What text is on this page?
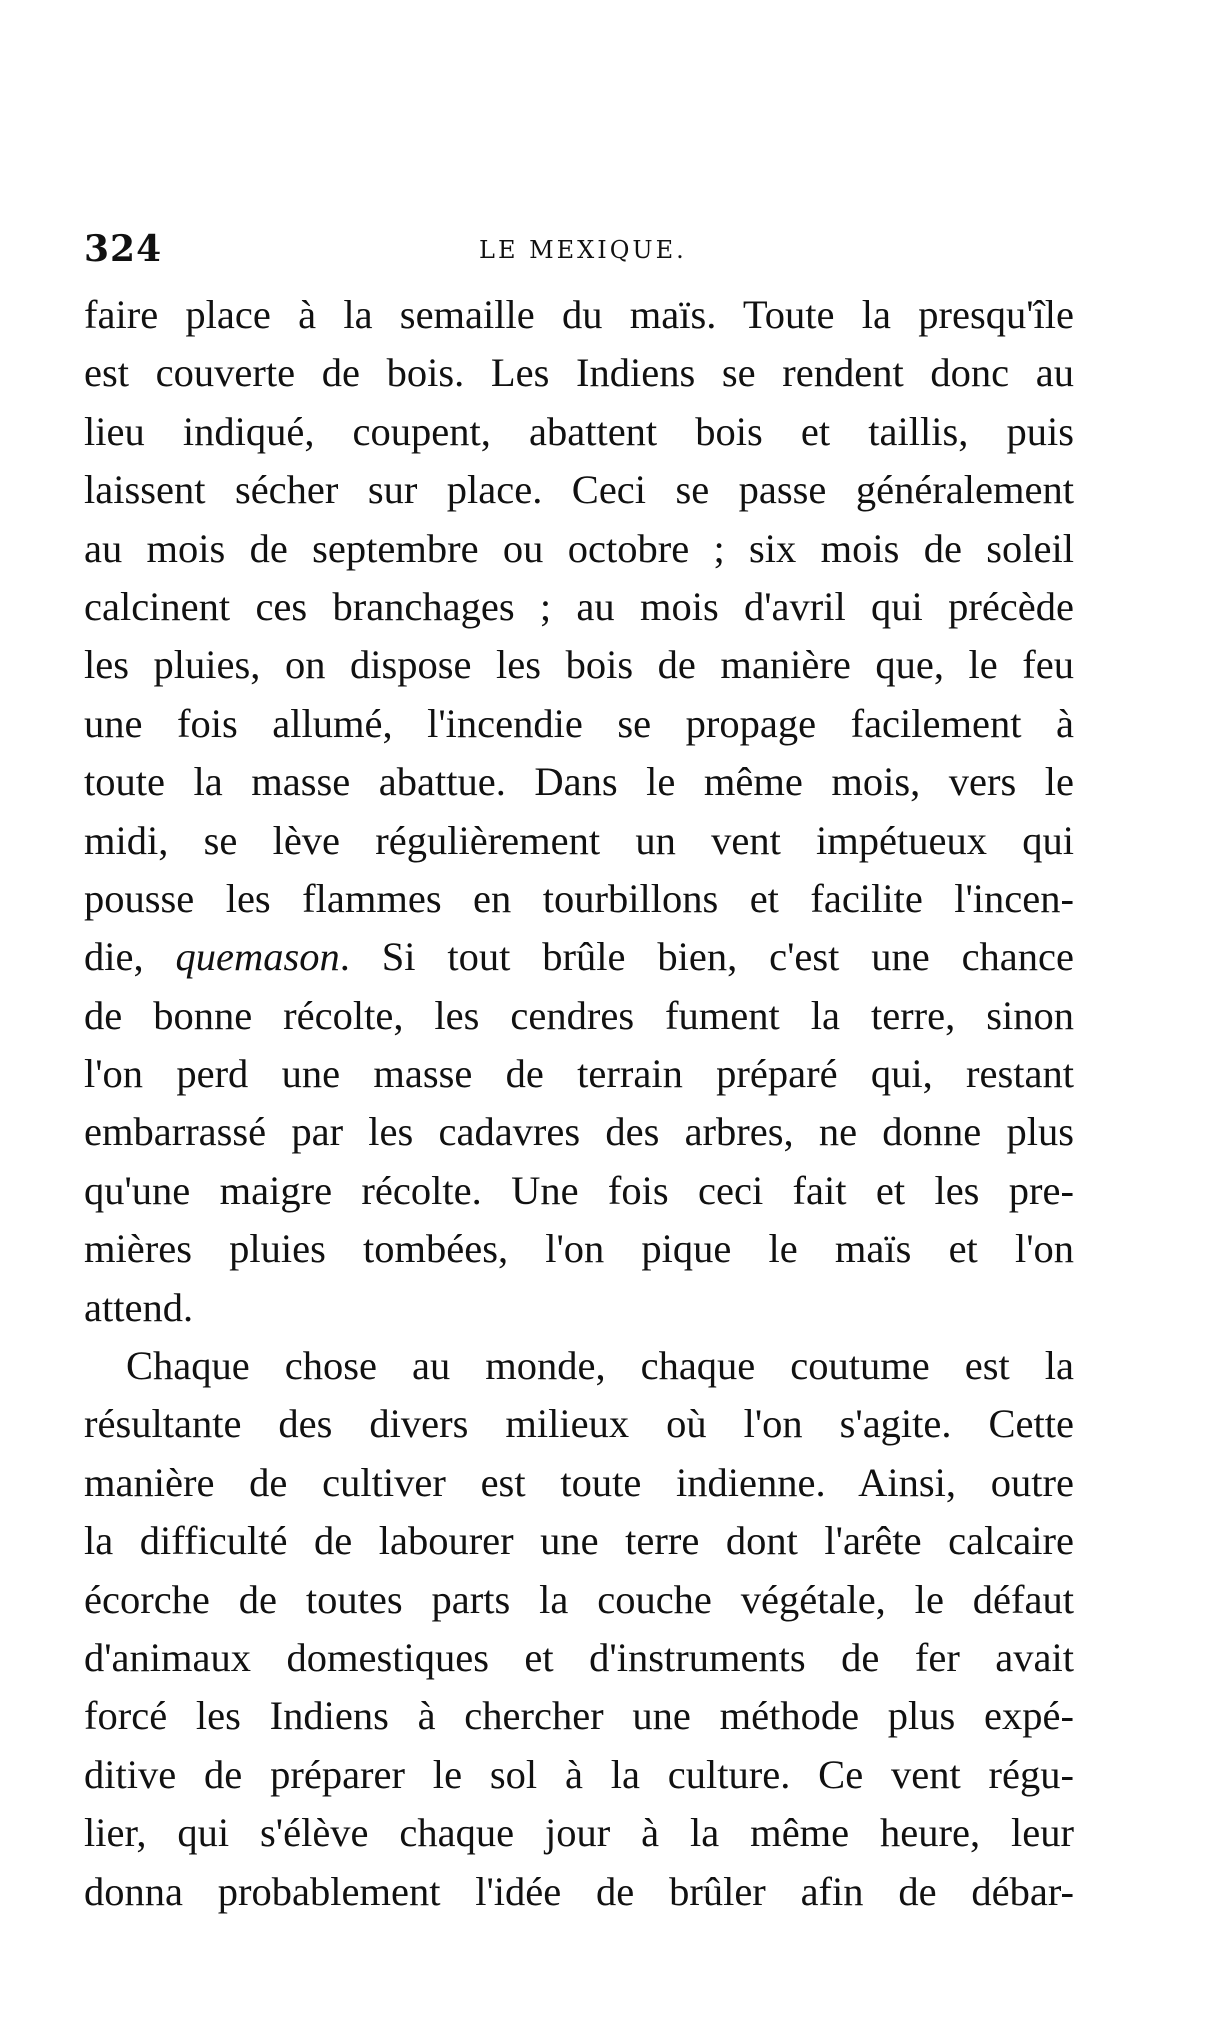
324	LE MEXIQUE.
faire place à la semaille du maïs. Toute la presqu'île
est couverte de bois. Les Indiens se rendent donc au
lieu indiqué, coupent, abattent bois et taillis, puis
laissent sécher sur place. Ceci se passe généralement
au mois de septembre ou octobre ; six mois de soleil
calcinent ces branchages ; au mois d'avril qui précède
les pluies, on dispose les bois de manière que, le feu
une fois allumé, l'incendie se propage facilement à
toute la masse abattue. Dans le même mois, vers le
midi, se lève régulièrement un vent impétueux qui
pousse les flammes en tourbillons et facilite l'incen-
die, quemason. Si tout brûle bien, c'est une chance
de bonne récolte, les cendres fument la terre, sinon
l'on perd une masse de terrain préparé qui, restant
embarrassé par les cadavres des arbres, ne donne plus
qu'une maigre récolte. Une fois ceci fait et les pre-
mières pluies tombées, l'on pique le maïs et l'on
attend.
Chaque chose au monde, chaque coutume est la
résultante des divers milieux où l'on s'agite. Cette
manière de cultiver est toute indienne. Ainsi, outre
la difficulté de labourer une terre dont l'arête calcaire
écorche de toutes parts la couche végétale, le défaut
d'animaux domestiques et d'instruments de fer avait
forcé les Indiens à chercher une méthode plus expé-
ditive de préparer le sol à la culture. Ce vent régu-
lier, qui s'élève chaque jour à la même heure, leur
donna probablement l'idée de brûler afin de débar-
